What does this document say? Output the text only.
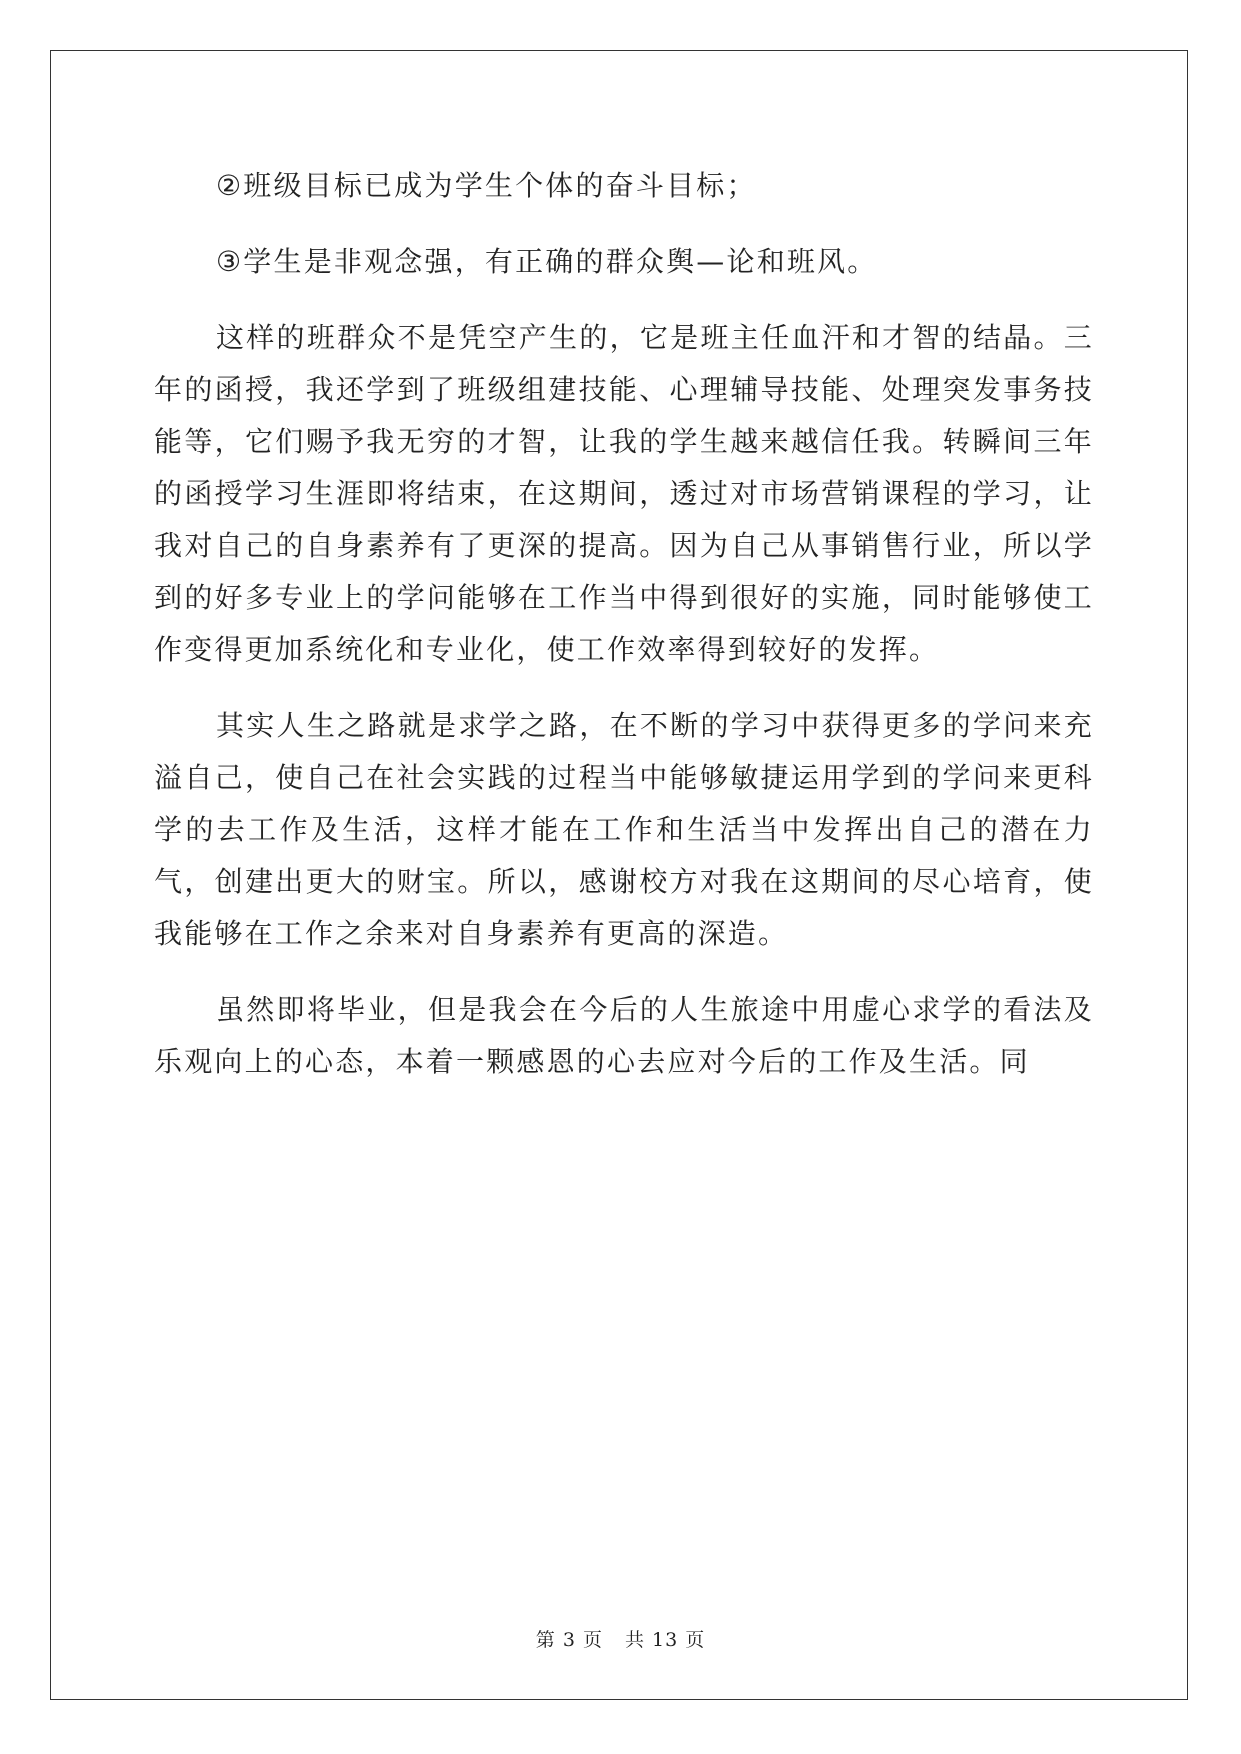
②班级目标已成为学生个体的奋斗目标；

③学生是非观念强，有正确的群众舆—论和班风。

这样的班群众不是凭空产生的，它是班主任血汗和才智的结晶。三年的函授，我还学到了班级组建技能、心理辅导技能、处理突发事务技能等，它们赐予我无穷的才智，让我的学生越来越信任我。转瞬间三年的函授学习生涯即将结束，在这期间，透过对市场营销课程的学习，让我对自己的自身素养有了更深的提高。因为自己从事销售行业，所以学到的好多专业上的学问能够在工作当中得到很好的实施，同时能够使工作变得更加系统化和专业化，使工作效率得到较好的发挥。

其实人生之路就是求学之路，在不断的学习中获得更多的学问来充溢自己，使自己在社会实践的过程当中能够敏捷运用学到的学问来更科学的去工作及生活，这样才能在工作和生活当中发挥出自己的潜在力气，创建出更大的财宝。所以，感谢校方对我在这期间的尽心培育，使我能够在工作之余来对自身素养有更高的深造。

虽然即将毕业，但是我会在今后的人生旅途中用虚心求学的看法及乐观向上的心态，本着一颗感恩的心去应对今后的工作及生活。同

第 3 页 共 13 页
